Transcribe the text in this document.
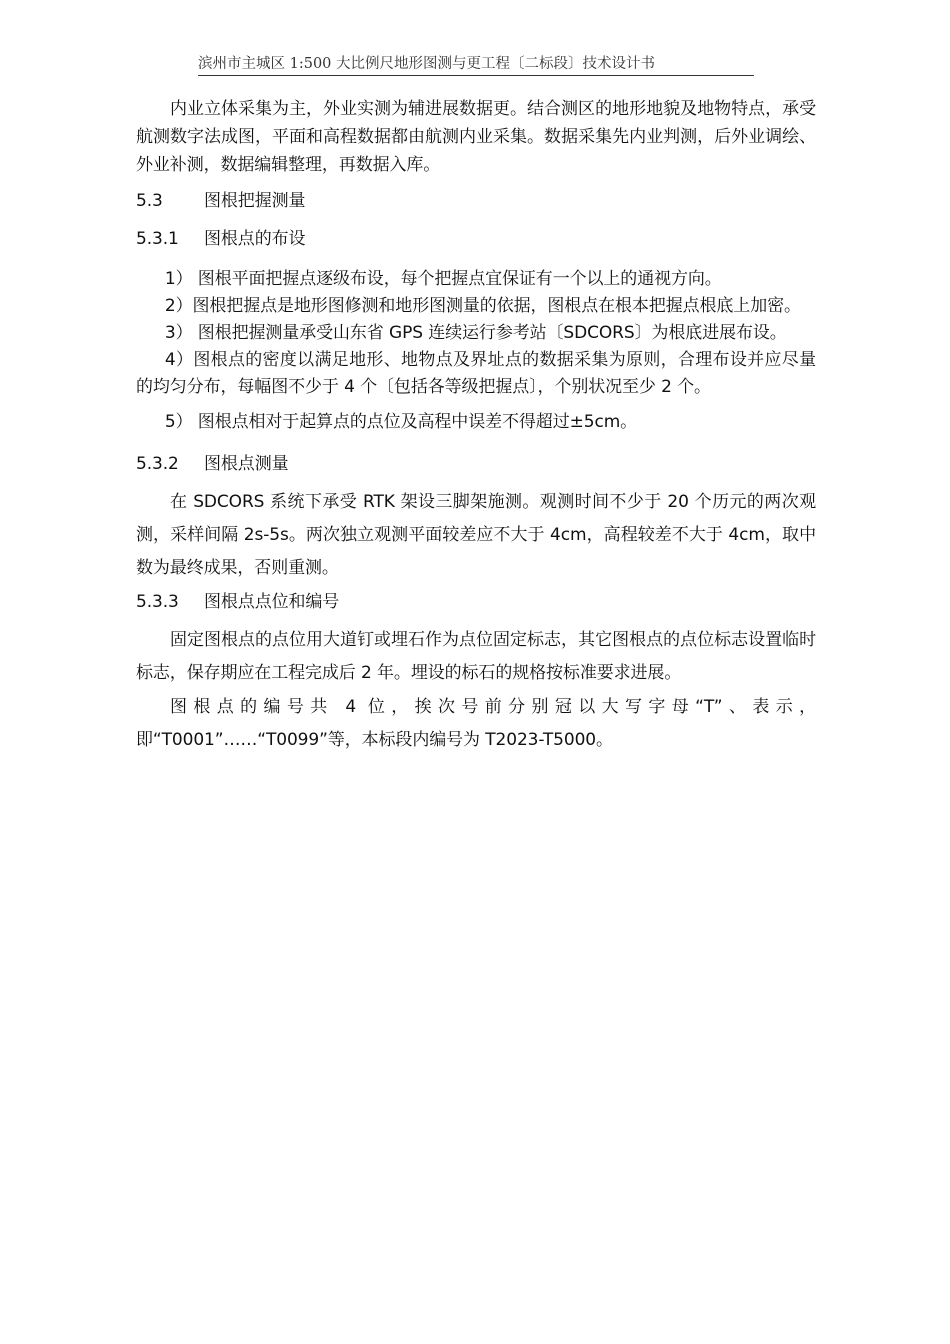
滨州市主城区 1:500 大比例尺地形图测与更工程〔二标段〕技术设计书

内业立体采集为主，外业实测为辅进展数据更。结合测区的地形地貌及地物特点，承受航测数字法成图，平面和高程数据都由航测内业采集。数据采集先内业判测，后外业调绘、外业补测，数据编辑整理，再数据入库。

5.3 图根把握测量
5.3.1 图根点的布设

1） 图根平面把握点逐级布设，每个把握点宜保证有一个以上的通视方向。

2）图根把握点是地形图修测和地形图测量的依据，图根点在根本把握点根底上加密。

3） 图根把握测量承受山东省 GPS 连续运行参考站〔SDCORS〕为根底进展布设。

4）图根点的密度以满足地形、地物点及界址点的数据采集为原则，合理布设并应尽量的均匀分布，每幅图不少于 4 个〔包括各等级把握点〕，个别状况至少 2 个。

5） 图根点相对于起算点的点位及高程中误差不得超过±5cm。

5.3.2 图根点测量

在 SDCORS 系统下承受 RTK 架设三脚架施测。观测时间不少于 20 个历元的两次观测，采样间隔 2s-5s。两次独立观测平面较差应不大于 4cm，高程较差不大于 4cm，取中数为最终成果，否则重测。

5.3.3 图根点点位和编号

固定图根点的点位用大道钉或埋石作为点位固定标志，其它图根点的点位标志设置临时标志，保存期应在工程完成后 2 年。埋设的标石的规格按标准要求进展。

图根点的编号共 4 位，挨次号前分别冠以大写字母“T”、表示，即“T0001”……“T0099”等，本标段内编号为 T2023-T5000。
